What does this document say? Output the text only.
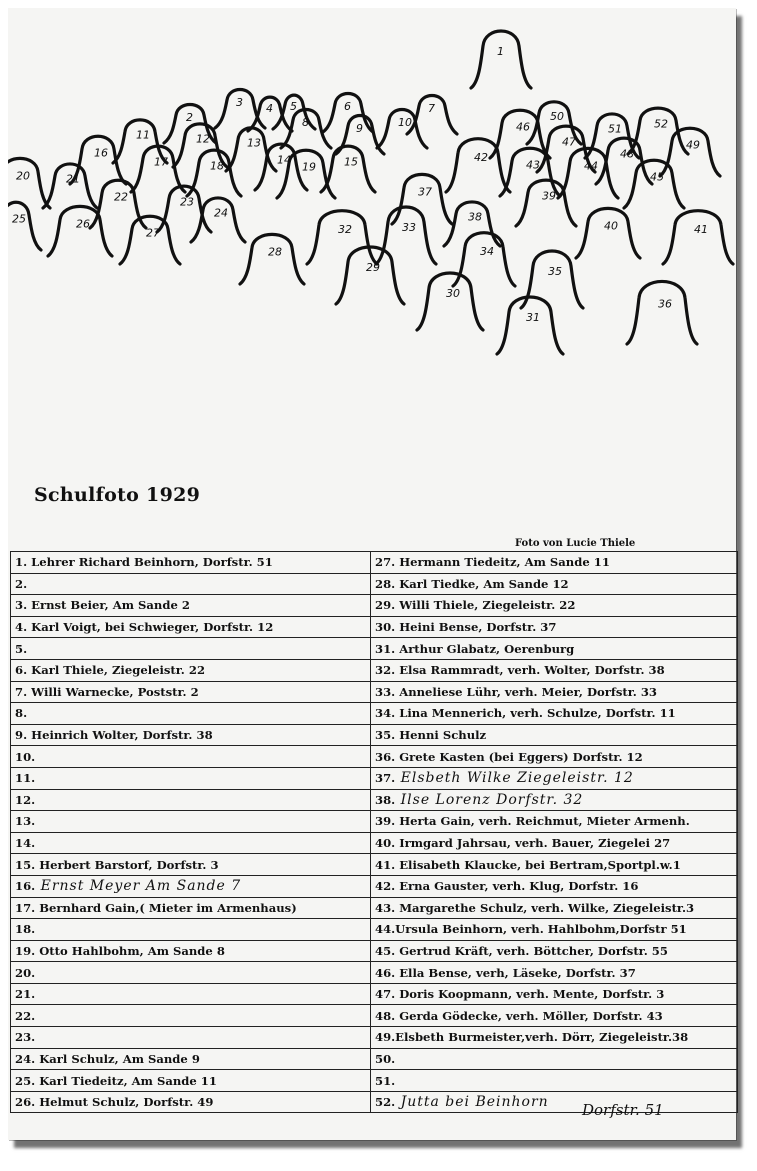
1
2
3 4 5	6	7
8	9	10
11	12	13
14	15
16
17	18	19
20	21
22	23
24
25	26
27
28
29
30
31
32	33
34
35
36
37
38
39
40	41
42
43	44
45
46
47
48
49
50
51	52
Schulfoto 1929
Foto von Lucie Thiele
1. Lehrer Richard Beinhorn, Dorfstr. 51	27. Hermann Tiedeitz, Am Sande 11
2.	28. Karl Tiedke, Am Sande 12
3. Ernst Beier, Am Sande 2	29. Willi Thiele, Ziegeleistr. 22
4. Karl Voigt, bei Schwieger, Dorfstr. 12	30. Heini Bense, Dorfstr. 37
5.	31. Arthur Glabatz, Oerenburg
6. Karl Thiele, Ziegeleistr. 22	32. Elsa Rammradt, verh. Wolter, Dorfstr. 38
7. Willi Warnecke, Poststr. 2	33. Anneliese Lühr, verh. Meier, Dorfstr. 33
8.	34. Lina Mennerich, verh. Schulze, Dorfstr. 11
9. Heinrich Wolter, Dorfstr. 38	35. Henni Schulz
10.	36. Grete Kasten (bei Eggers) Dorfstr. 12
11.	37. Elsbeth Wilke Ziegeleistr. 12
12.	38. Ilse Lorenz Dorfstr. 32
13.	39. Herta Gain, verh. Reichmut, Mieter Armenh.
14.	40. Irmgard Jahrsau, verh. Bauer, Ziegelei 27
15. Herbert Barstorf, Dorfstr. 3	41. Elisabeth Klaucke, bei Bertram,Sportpl.w.1
16. Ernst Meyer Am Sande 7	42. Erna Gauster, verh. Klug, Dorfstr. 16
17. Bernhard Gain,( Mieter im Armenhaus)	43. Margarethe Schulz, verh. Wilke, Ziegeleistr.3
18.	44.Ursula Beinhorn, verh. Hahlbohm,Dorfstr 51
19. Otto Hahlbohm, Am Sande 8	45. Gertrud Kräft, verh. Böttcher, Dorfstr. 55
20.	46. Ella Bense, verh, Läseke, Dorfstr. 37
21.	47. Doris Koopmann, verh. Mente, Dorfstr. 3
22.	48. Gerda Gödecke, verh. Möller, Dorfstr. 43
23.	49.Elsbeth Burmeister,verh. Dörr, Ziegeleistr.38
24. Karl Schulz, Am Sande 9	50.
25. Karl Tiedeitz, Am Sande 11	51.
26. Helmut Schulz, Dorfstr. 49	52. Jutta bei Beinhorn Dorfstr. 51
